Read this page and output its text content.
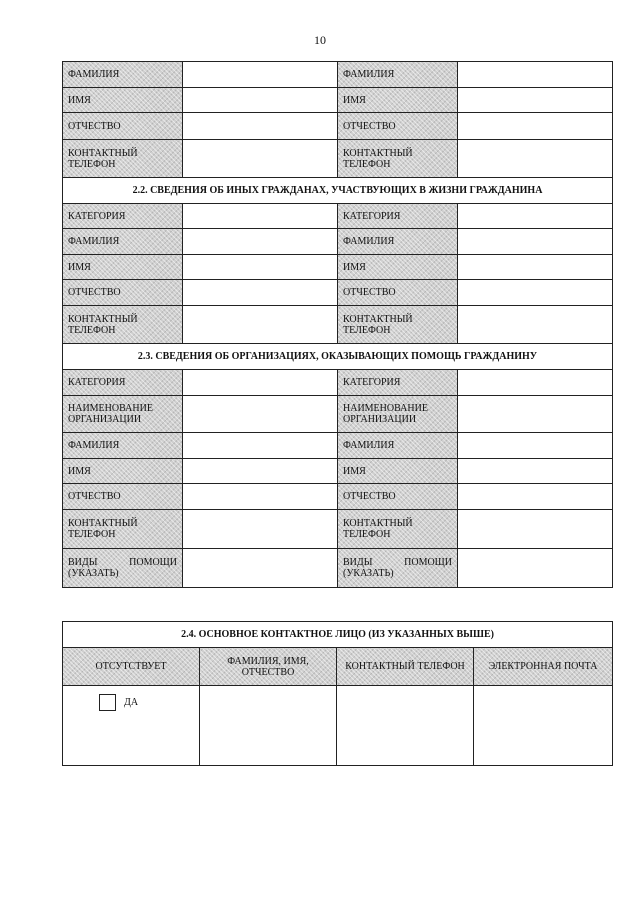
10
ФАМИЛИЯ		ФАМИЛИЯ	
ИМЯ		ИМЯ	
ОТЧЕСТВО		ОТЧЕСТВО	
КОНТАКТНЫЙ ТЕЛЕФОН		КОНТАКТНЫЙ ТЕЛЕФОН	
2.2. СВЕДЕНИЯ ОБ ИНЫХ ГРАЖДАНАХ, УЧАСТВУЮЩИХ В ЖИЗНИ ГРАЖДАНИНА			
КАТЕГОРИЯ		КАТЕГОРИЯ	
ФАМИЛИЯ		ФАМИЛИЯ	
ИМЯ		ИМЯ	
ОТЧЕСТВО		ОТЧЕСТВО	
КОНТАКТНЫЙ ТЕЛЕФОН		КОНТАКТНЫЙ ТЕЛЕФОН	
2.3. СВЕДЕНИЯ ОБ ОРГАНИЗАЦИЯХ, ОКАЗЫВАЮЩИХ ПОМОЩЬ ГРАЖДАНИНУ			
КАТЕГОРИЯ		КАТЕГОРИЯ	
НАИМЕНОВАНИЕ ОРГАНИЗАЦИИ		НАИМЕНОВАНИЕ ОРГАНИЗАЦИИ	
ФАМИЛИЯ		ФАМИЛИЯ	
ИМЯ		ИМЯ	
ОТЧЕСТВО		ОТЧЕСТВО	
КОНТАКТНЫЙ ТЕЛЕФОН		КОНТАКТНЫЙ ТЕЛЕФОН	
ВИДЫ ПОМОЩИ (УКАЗАТЬ)		ВИДЫ ПОМОЩИ (УКАЗАТЬ)	
2.4. ОСНОВНОЕ КОНТАКТНОЕ ЛИЦО (ИЗ УКАЗАННЫХ ВЫШЕ)			
ОТСУТСТВУЕТ	ФАМИЛИЯ, ИМЯ, ОТЧЕСТВО	КОНТАКТНЫЙ ТЕЛЕФОН	ЭЛЕКТРОННАЯ ПОЧТА

ДА			
